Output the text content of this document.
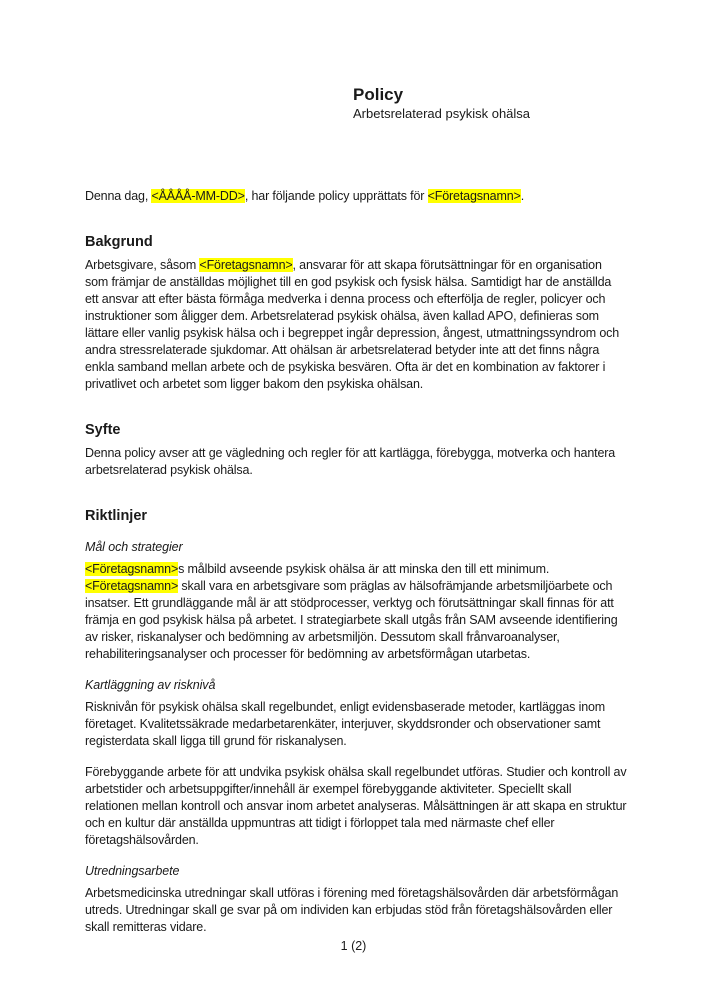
Policy
Arbetsrelaterad psykisk ohälsa

Denna dag, <ÅÅÅÅ-MM-DD>, har följande policy upprättats för <Företagsnamn>.

Bakgrund

Arbetsgivare, såsom <Företagsnamn>, ansvarar för att skapa förutsättningar för en organisation som främjar de anställdas möjlighet till en god psykisk och fysisk hälsa. Samtidigt har de anställda ett ansvar att efter bästa förmåga medverka i denna process och efterfölja de regler, policyer och instruktioner som åligger dem. Arbetsrelaterad psykisk ohälsa, även kallad APO, definieras som lättare eller vanlig psykisk hälsa och i begreppet ingår depression, ångest, utmattningssyndrom och andra stressrelaterade sjukdomar. Att ohälsan är arbetsrelaterad betyder inte att det finns några enkla samband mellan arbete och de psykiska besvären. Ofta är det en kombination av faktorer i privatlivet och arbetet som ligger bakom den psykiska ohälsan.

Syfte

Denna policy avser att ge vägledning och regler för att kartlägga, förebygga, motverka och hantera arbetsrelaterad psykisk ohälsa.

Riktlinjer
Mål och strategier

<Företagsnamn>s målbild avseende psykisk ohälsa är att minska den till ett minimum.
<Företagsnamn> skall vara en arbetsgivare som präglas av hälsofrämjande arbetsmiljöarbete och insatser. Ett grundläggande mål är att stödprocesser, verktyg och förutsättningar skall finnas för att främja en god psykisk hälsa på arbetet. I strategiarbete skall utgås från SAM avseende identifiering av risker, riskanalyser och bedömning av arbetsmiljön. Dessutom skall frånvaroanalyser, rehabiliteringsanalyser och processer för bedömning av arbetsförmågan utarbetas.

Kartläggning av risknivå

Risknivån för psykisk ohälsa skall regelbundet, enligt evidensbaserade metoder, kartläggas inom företaget. Kvalitetssäkrade medarbetarenkäter, interjuver, skyddsronder och observationer samt registerdata skall ligga till grund för riskanalysen.

Förebyggande arbete för att undvika psykisk ohälsa skall regelbundet utföras. Studier och kontroll av arbetstider och arbetsuppgifter/innehåll är exempel förebyggande aktiviteter. Speciellt skall relationen mellan kontroll och ansvar inom arbetet analyseras. Målsättningen är att skapa en struktur och en kultur där anställda uppmuntras att tidigt i förloppet tala med närmaste chef eller företagshälsovården.

Utredningsarbete

Arbetsmedicinska utredningar skall utföras i förening med företagshälsovården där arbetsförmågan utreds. Utredningar skall ge svar på om individen kan erbjudas stöd från företagshälsovården eller skall remitteras vidare.

1 (2)
